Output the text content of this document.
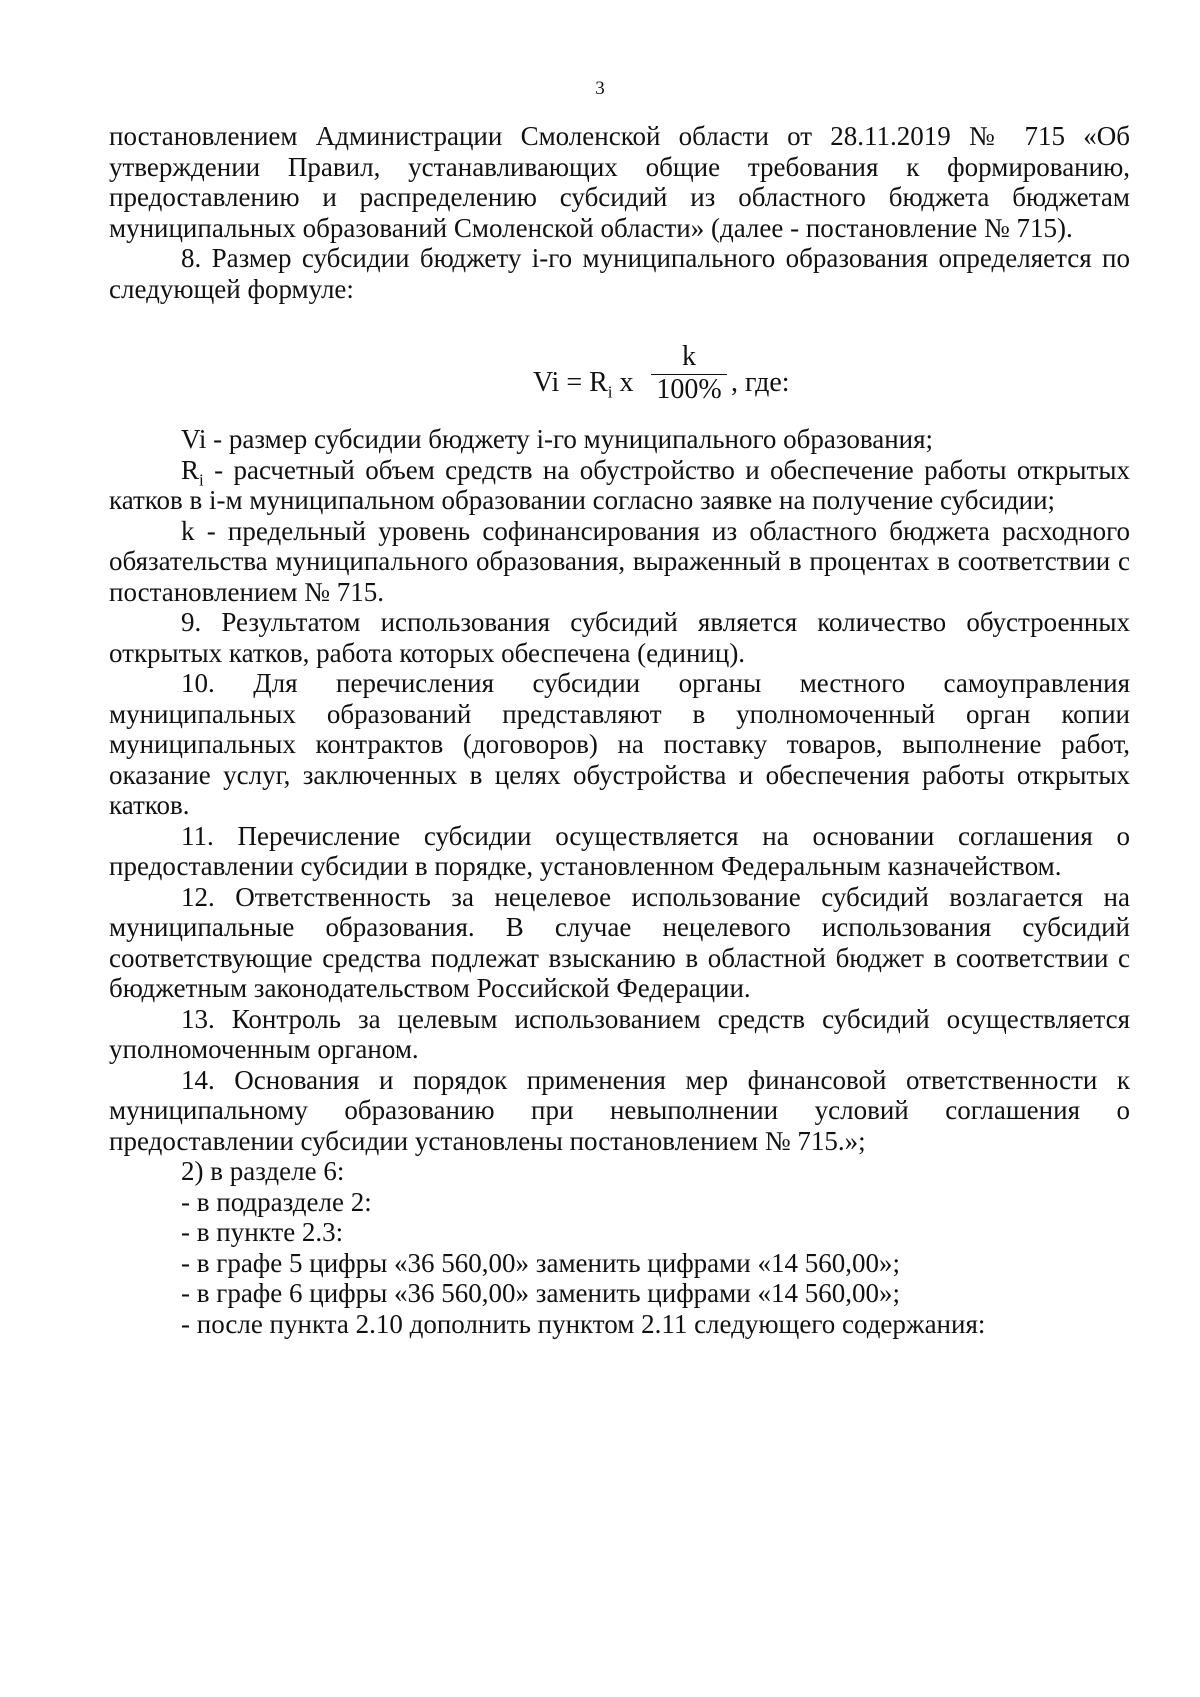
3

постановлением Администрации Смоленской области от 28.11.2019 № 715 «Об утверждении Правил, устанавливающих общие требования к формированию, предоставлению и распределению субсидий из областного бюджета бюджетам муниципальных образований Смоленской области» (далее - постановление № 715).

8. Размер субсидии бюджету i-го муниципального образования определяется по следующей формуле:

$Vi = R_i$ x
k
100% , где:

Vi - размер субсидии бюджету i-го муниципального образования;

$R_i$ - расчетный объем средств на обустройство и обеспечение работы открытых катков в i-м муниципальном образовании согласно заявке на получение субсидии;

k - предельный уровень софинансирования из областного бюджета расходного обязательства муниципального образования, выраженный в процентах в соответствии с постановлением № 715.

9. Результатом использования субсидий является количество обустроенных открытых катков, работа которых обеспечена (единиц).

10. Для перечисления субсидии органы местного самоуправления муниципальных образований представляют в уполномоченный орган копии муниципальных контрактов (договоров) на поставку товаров, выполнение работ, оказание услуг, заключенных в целях обустройства и обеспечения работы открытых катков.

11. Перечисление субсидии осуществляется на основании соглашения о предоставлении субсидии в порядке, установленном Федеральным казначейством.

12. Ответственность за нецелевое использование субсидий возлагается на муниципальные образования. В случае нецелевого использования субсидий соответствующие средства подлежат взысканию в областной бюджет в соответствии с бюджетным законодательством Российской Федерации.

13. Контроль за целевым использованием средств субсидий осуществляется уполномоченным органом.

14. Основания и порядок применения мер финансовой ответственности к муниципальному образованию при невыполнении условий соглашения о предоставлении субсидии установлены постановлением № 715.»;

2) в разделе 6:

- в подразделе 2:

- в пункте 2.3:

- в графе 5 цифры «36 560,00» заменить цифрами «14 560,00»;

- в графе 6 цифры «36 560,00» заменить цифрами «14 560,00»;

- после пункта 2.10 дополнить пунктом 2.11 следующего содержания:
